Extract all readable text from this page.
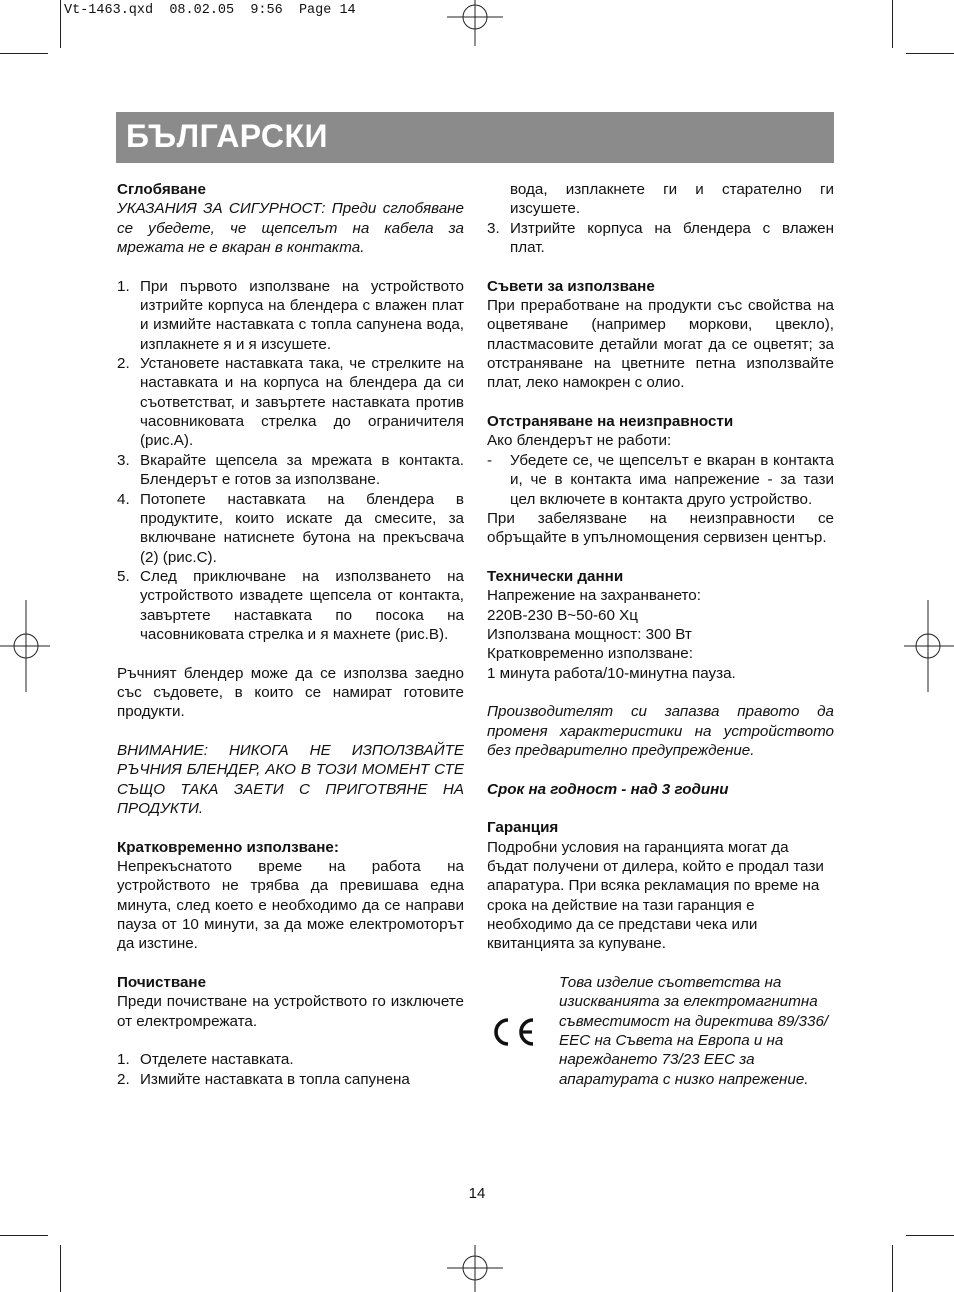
Vt-1463.qxd  08.02.05  9:56  Page 14
БЪЛГАРСКИ

Сглобяване

УКАЗАНИЯ ЗА СИГУРНОСТ: Преди сглобяване се убедете, че щепселът на кабела за мрежата не е вкаран в контакта.

1. При първото използване на устройството изтрийте корпуса на блендера с влажен плат и измийте наставката с топла сапунена вода, изплакнете я и я изсушете.
2. Установете наставката така, че стрелките на наставката и на корпуса на блендера да си съответстват, и завъртете наставката против часовниковата стрелка до ограничителя (рис.A).
3. Вкарайте щепсела за мрежата в контакта. Блендерът е готов за използване.
4. Потопете наставката на блендера в продуктите, които искате да смесите, за включване натиснете бутона на прекъсвача (2) (рис.C).
5. След приключване на използването на устройството извадете щепсела от контакта, завъртете наставката по посока на часовниковата стрелка и я махнете (рис.B).

Ръчният блендер може да се използва заедно със съдовете, в които се намират готовите продукти.

ВНИМАНИЕ: НИКОГА НЕ ИЗПОЛЗВАЙТЕ РЪЧНИЯ БЛЕНДЕР, АКО В ТОЗИ МОМЕНТ СТЕ СЪЩО ТАКА ЗАЕТИ С ПРИГОТВЯНЕ НА ПРОДУКТИ.

Кратковременно използване:

Непрекъснатото време на работа на устройството не трябва да превишава една минута, след което е необходимо да се направи пауза от 10 минути, за да може електромоторът да изстине.

Почистване

Преди почистване на устройството го изключете от електромрежата.

1. Отделете наставката.
2. Измийте наставката в топла сапунена
вода, изплакнете ги и старателно ги изсушете.
3. Изтрийте корпуса на блендера с влажен плат.

Съвети за използване

При преработване на продукти със свойства на оцветяване (например моркови, цвекло), пластмасовите детайли могат да се оцветят; за отстраняване на цветните петна използвайте плат, леко намокрен с олио.

Отстраняване на неизправности

Ако блендерът не работи:

- Убедете се, че щепселът е вкаран в контакта и, че в контакта има напрежение - за тази цел включете в контакта друго устройство.

При забелязване на неизправности се обръщайте в упълномощения сервизен център.

Технически данни

Напрежение на захранването:

220В-230 В~50-60 Хц

Използвана мощност: 300 Вт

Кратковременно използване:

1 минута работа/10-минутна пауза.

Производителят си запазва правото да променя характеристики на устройството без предварително предупреждение.

Срок на годност - над 3 години

Гаранция

Подробни условия на гаранцията могат да бъдат получени от дилера, който е продал тази апаратура. При всяка рекламация по време на срока на действие на тази гаранция е необходимо да се представи чека или квитанцията за купуване.

Това изделие съответства на изискванията за електромагнитна съвместимост на директива 89/336/ЕЕС на Съвета на Европа и на нареждането 73/23 ЕЕС за апаратурата с низко напрежение.

14
